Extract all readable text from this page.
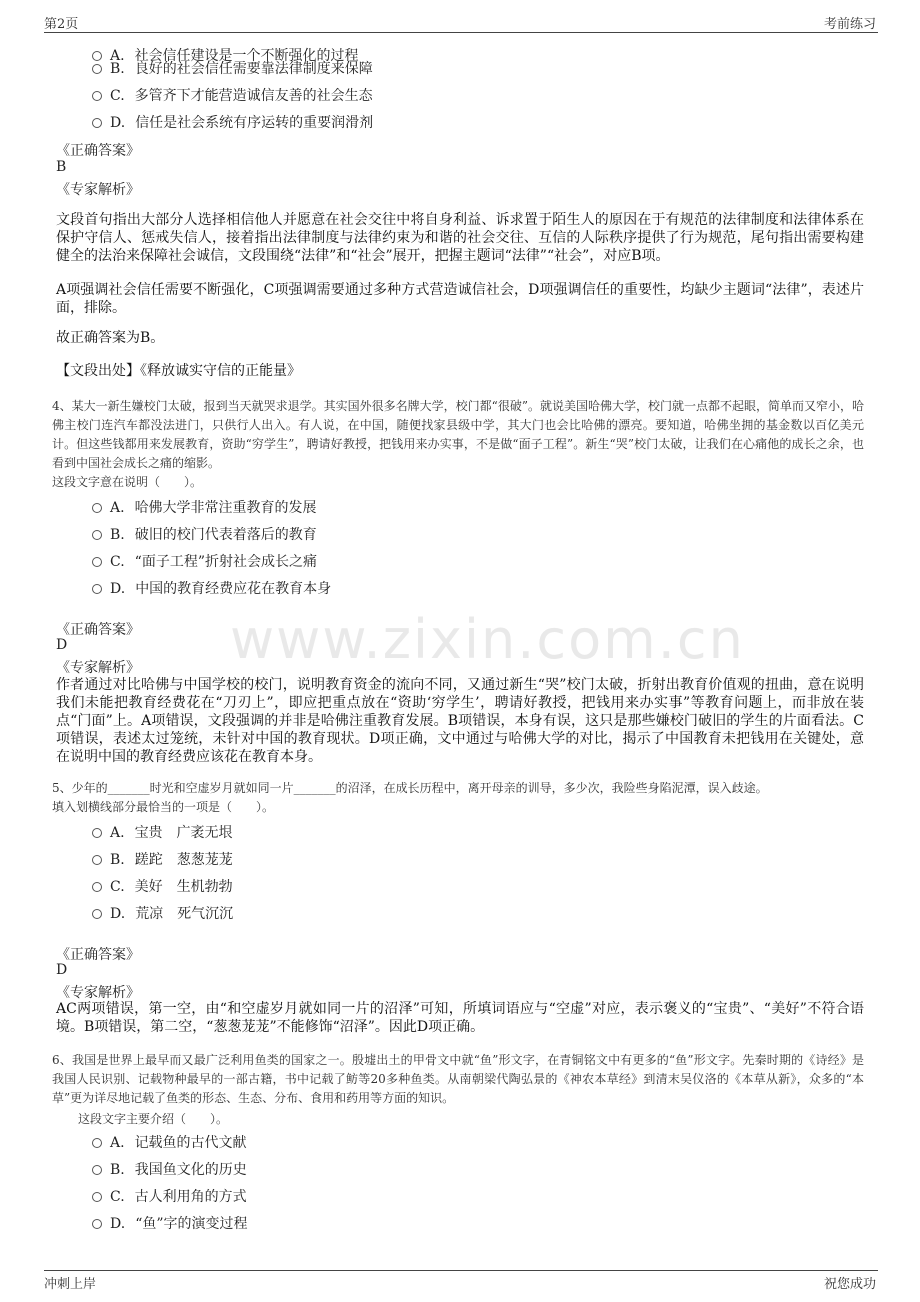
第2页	考前练习
www.zixin.com.cn
A. 社会信任建设是一个不断强化的过程
B. 良好的社会信任需要靠法律制度来保障
C. 多管齐下才能营造诚信友善的社会生态
D. 信任是社会系统有序运转的重要润滑剂
《正确答案》
B
《专家解析》
文段首句指出大部分人选择相信他人并愿意在社会交往中将自身利益、诉求置于陌生人的原因在于有规范的法律制度和法律体系在保护守信人、惩戒失信人，接着指出法律制度与法律约束为和谐的社会交往、互信的人际秩序提供了行为规范，尾句指出需要构建健全的法治来保障社会诚信，文段围绕“法律”和“社会”展开，把握主题词“法律”“社会”，对应B项。
A项强调社会信任需要不断强化，C项强调需要通过多种方式营造诚信社会，D项强调信任的重要性，均缺少主题词“法律”，表述片面，排除。
故正确答案为B。
【文段出处】《释放诚实守信的正能量》
4、某大一新生嫌校门太破，报到当天就哭求退学。其实国外很多名牌大学，校门都“很破”。就说美国哈佛大学，校门就一点都不起眼，简单而又窄小，哈佛主校门连汽车都没法进门，只供行人出入。有人说，在中国，随便找家县级中学，其大门也会比哈佛的漂亮。要知道，哈佛坐拥的基金数以百亿美元计。但这些钱都用来发展教育，资助“穷学生”，聘请好教授，把钱用来办实事，不是做“面子工程”。新生“哭”校门太破，让我们在心痛他的成长之余，也看到中国社会成长之痛的缩影。
这段文字意在说明（　　）。
A. 哈佛大学非常注重教育的发展
B. 破旧的校门代表着落后的教育
C. “面子工程”折射社会成长之痛
D. 中国的教育经费应花在教育本身
《正确答案》
D
《专家解析》
作者通过对比哈佛与中国学校的校门，说明教育资金的流向不同，又通过新生“哭”校门太破，折射出教育价值观的扭曲，意在说明我们未能把教育经费花在“刀刃上”，即应把重点放在“资助‘穷学生’，聘请好教授，把钱用来办实事”等教育问题上，而非放在装点“门面”上。A项错误，文段强调的并非是哈佛注重教育发展。B项错误，本身有误，这只是那些嫌校门破旧的学生的片面看法。C项错误，表述太过笼统，未针对中国的教育现状。D项正确，文中通过与哈佛大学的对比，揭示了中国教育未把钱用在关键处，意在说明中国的教育经费应该花在教育本身。
5、少年的_______时光和空虚岁月就如同一片_______的沼泽，在成长历程中，离开母亲的训导，多少次，我险些身陷泥潭，误入歧途。
填入划横线部分最恰当的一项是（　　）。
A. 宝贵　广袤无垠
B. 蹉跎　葱葱茏茏
C. 美好　生机勃勃
D. 荒凉　死气沉沉
《正确答案》
D
《专家解析》
AC两项错误，第一空，由“和空虚岁月就如同一片的沼泽”可知，所填词语应与“空虚”对应，表示褒义的“宝贵”、“美好”不符合语境。B项错误，第二空，“葱葱茏茏”不能修饰“沼泽”。因此D项正确。
6、我国是世界上最早而又最广泛利用鱼类的国家之一。殷墟出土的甲骨文中就“鱼”形文字，在青铜铭文中有更多的“鱼”形文字。先秦时期的《诗经》是我国人民识别、记载物种最早的一部古籍，书中记载了鲂等20多种鱼类。从南朝梁代陶弘景的《神农本草经》到清末吴仪洛的《本草从新》，众多的“本草”更为详尽地记载了鱼类的形态、生态、分布、食用和药用等方面的知识。
这段文字主要介绍（　　）。
A. 记载鱼的古代文献
B. 我国鱼文化的历史
C. 古人利用角的方式
D. “鱼”字的演变过程
冲刺上岸	祝您成功
